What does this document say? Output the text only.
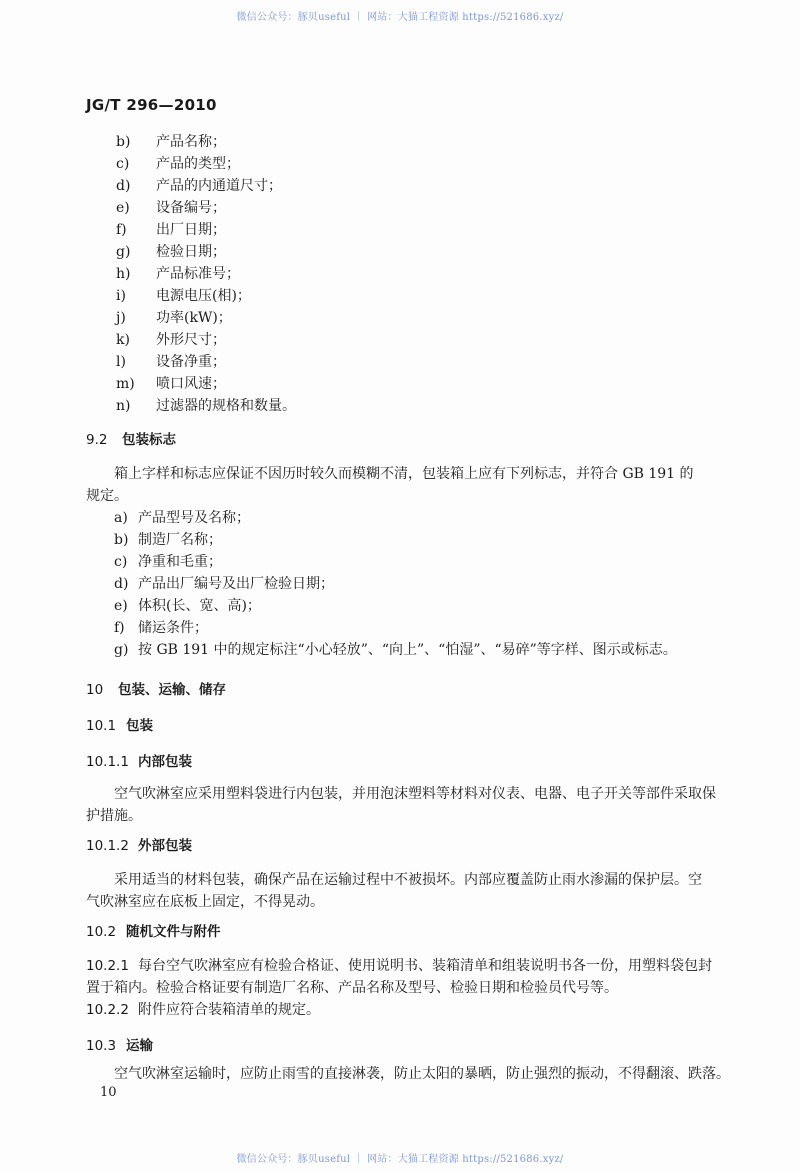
微信公众号：豚贝useful ｜ 网站：大猫工程资源 https://521686.xyz/
JG/T 296—2010
b) 产品名称；
c) 产品的类型；
d) 产品的内通道尺寸；
e) 设备编号；
f) 出厂日期；
g) 检验日期；
h) 产品标准号；
i) 电源电压(相)；
j) 功率(kW)；
k) 外形尺寸；
l) 设备净重；
m) 喷口风速；
n) 过滤器的规格和数量。
9.2 包装标志
箱上字样和标志应保证不因历时较久而模糊不清，包装箱上应有下列标志，并符合 GB 191 的
规定。
a) 产品型号及名称；
b) 制造厂名称；
c) 净重和毛重；
d) 产品出厂编号及出厂检验日期；
e) 体积(长、宽、高)；
f) 储运条件；
g) 按 GB 191 中的规定标注“小心轻放”、“向上”、“怕湿”、“易碎”等字样、图示或标志。
10 包装、运输、储存
10.1 包装
10.1.1 内部包装
空气吹淋室应采用塑料袋进行内包装，并用泡沫塑料等材料对仪表、电器、电子开关等部件采取保
护措施。
10.1.2 外部包装
采用适当的材料包装，确保产品在运输过程中不被损坏。内部应覆盖防止雨水渗漏的保护层。空
气吹淋室应在底板上固定，不得晃动。
10.2 随机文件与附件
10.2.1 每台空气吹淋室应有检验合格证、使用说明书、装箱清单和组装说明书各一份，用塑料袋包封
置于箱内。检验合格证要有制造厂名称、产品名称及型号、检验日期和检验员代号等。
10.2.2 附件应符合装箱清单的规定。
10.3 运输
空气吹淋室运输时，应防止雨雪的直接淋袭，防止太阳的暴晒，防止强烈的振动，不得翻滚、跌落。
10
微信公众号：豚贝useful ｜ 网站：大猫工程资源 https://521686.xyz/
